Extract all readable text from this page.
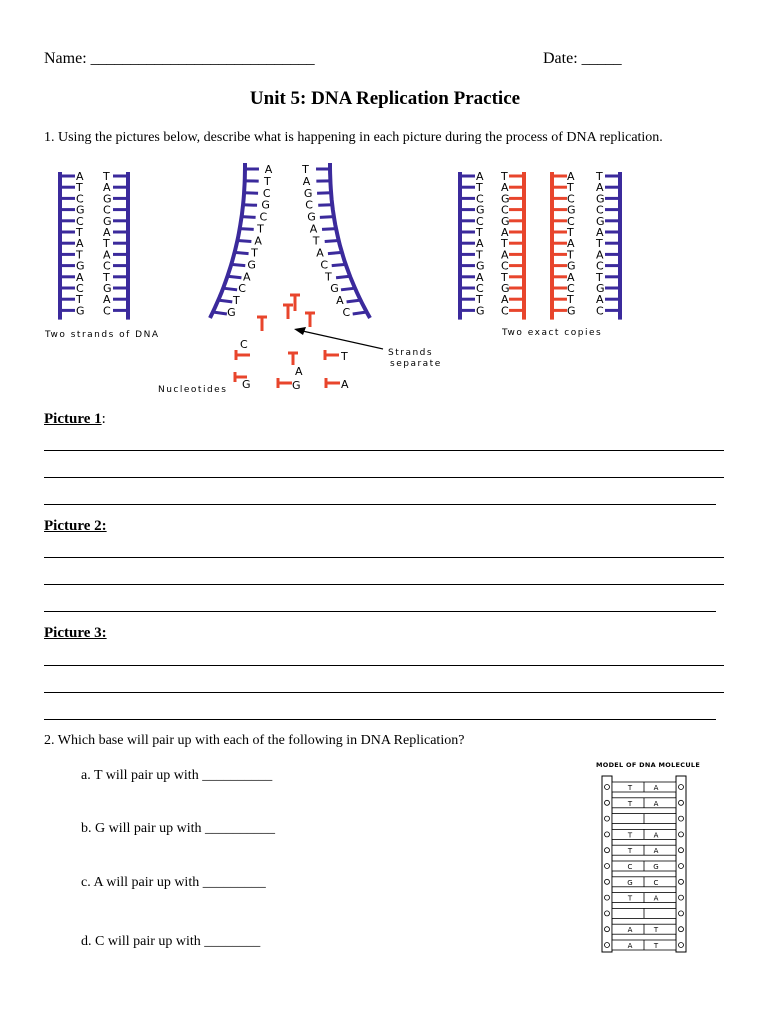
Name: ____________________________	Date: _____
Unit 5: DNA Replication Practice
1. Using the pictures below, describe what is happening in each picture during the process of DNA replication.
A
T
C
G
C
T
A
T
G
A
C
T
G
T
A
G
C
G
A
T
A
C
T
G
A
C
A
T
C
G
C
T
A
T
G
A
C
T
G
T
A
G
C
G
A
T
A
C
T
G
A
C
A
T
C
G
C
T
A
T
G
A
C
T
G
T
A
G
C
G
A
T
A
C
T
G
A
C
A
T
C
G
C
T
A
T
G
A
C
T
G
T
A
G
C
G
A
T
A
C
T
G
A
C
Two strands of DNA	Two exact copies
Strands
separate
Nucleotides
C
A
T
G	A
G
Picture 1:
Picture 2:
Picture 3:
2. Which base will pair up with each of the following in DNA Replication?
a. T will pair up with __________
b. G will pair up with __________
c. A will pair up with _________
d. C will pair up with ________
MODEL OF DNA MOLECULE
T	A
T	A
T	A
T	A
C	G
G	C
T	A
A	T
A	T
